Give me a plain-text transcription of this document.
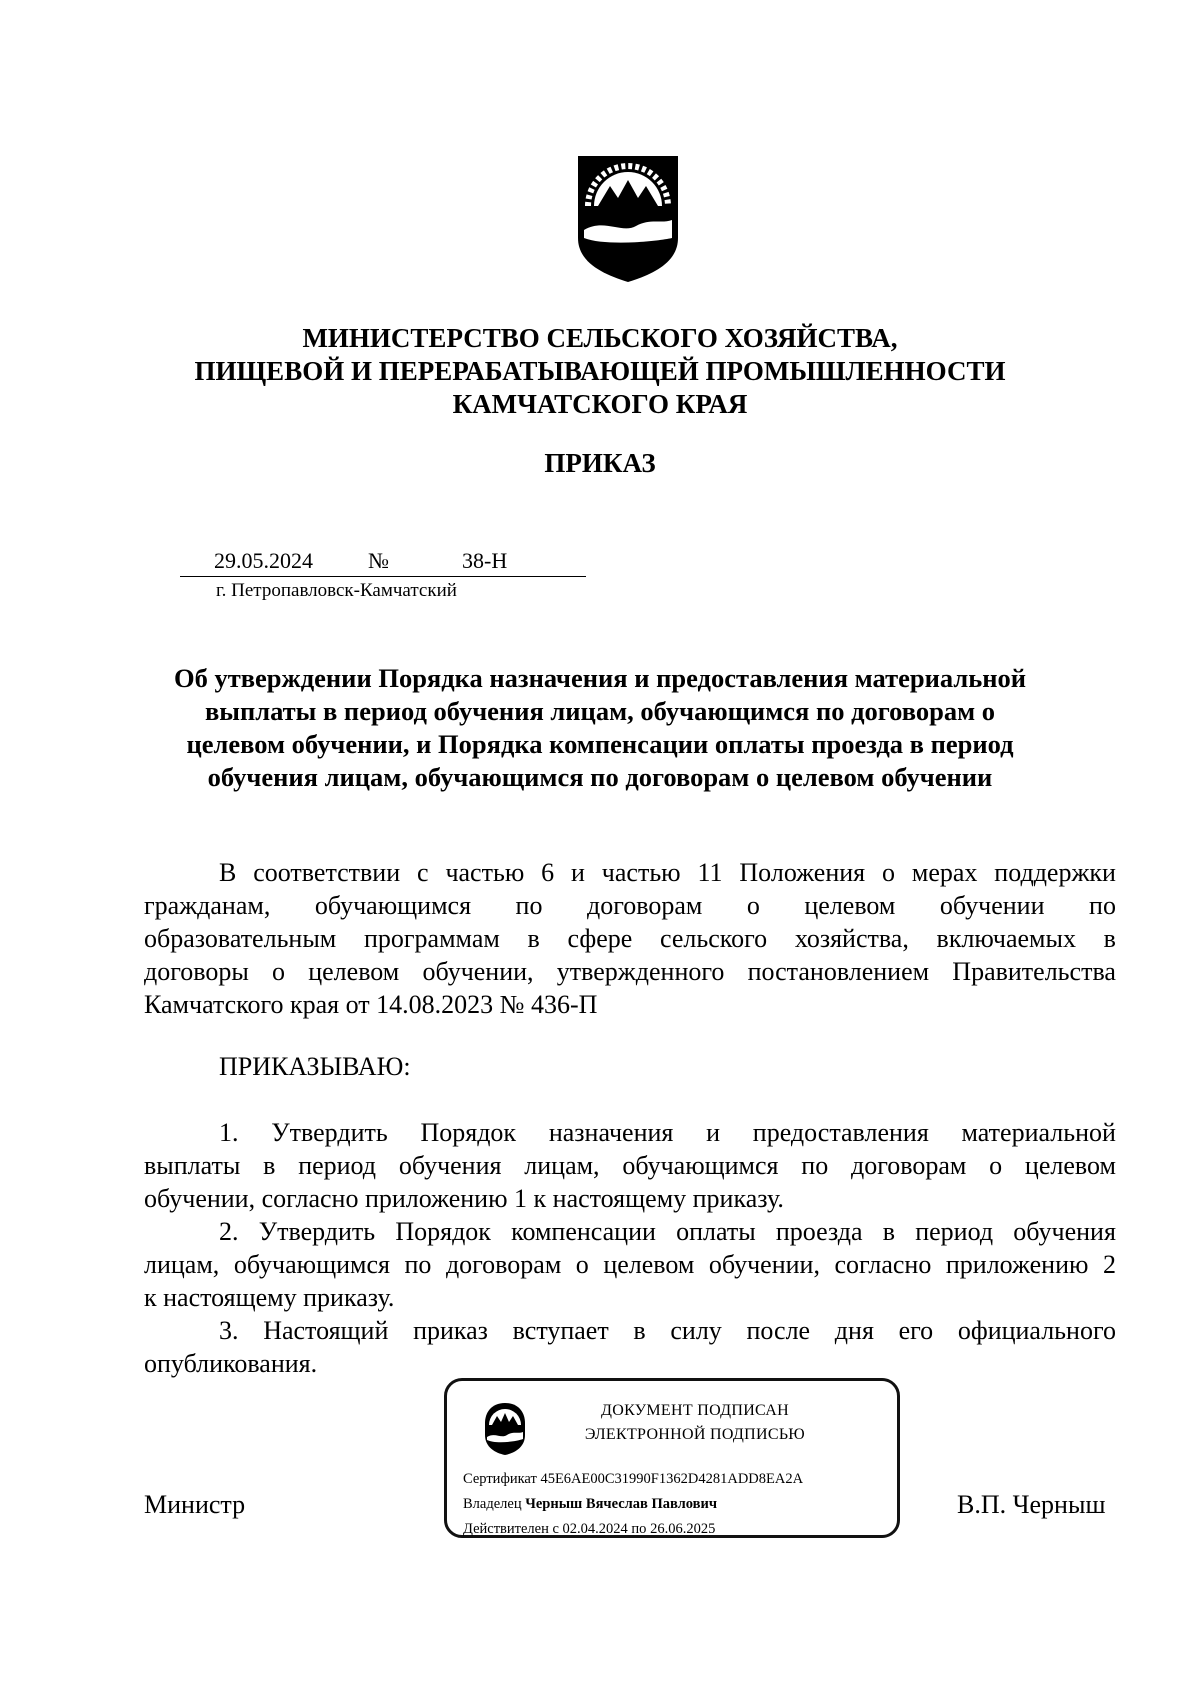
МИНИСТЕРСТВО СЕЛЬСКОГО ХОЗЯЙСТВА,
ПИЩЕВОЙ И ПЕРЕРАБАТЫВАЮЩЕЙ ПРОМЫШЛЕННОСТИ
КАМЧАТСКОГО КРАЯ
ПРИКАЗ
29.05.2024	№	38-Н
г. Петропавловск-Камчатский
Об утверждении Порядка назначения и предоставления материальной
выплаты в период обучения лицам, обучающимся по договорам о
целевом обучении, и Порядка компенсации оплаты проезда в период
обучения лицам, обучающимся по договорам о целевом обучении
В соответствии с частью 6 и частью 11 Положения о мерах поддержки
гражданам, обучающимся по договорам о целевом обучении по
образовательным программам в сфере сельского хозяйства, включаемых в
договоры о целевом обучении, утвержденного постановлением Правительства
Камчатского края от 14.08.2023 № 436-П
ПРИКАЗЫВАЮ:
1. Утвердить Порядок назначения и предоставления материальной
выплаты в период обучения лицам, обучающимся по договорам о целевом
обучении, согласно приложению 1 к настоящему приказу.
2. Утвердить Порядок компенсации оплаты проезда в период обучения
лицам, обучающимся по договорам о целевом обучении, согласно приложению 2
к настоящему приказу.
3. Настоящий приказ вступает в силу после дня его официального
опубликования.
Министр	В.П. Черныш
ДОКУМЕНТ ПОДПИСАН
ЭЛЕКТРОННОЙ ПОДПИСЬЮ
Сертификат 45E6AE00C31990F1362D4281ADD8EA2A
Владелец Черныш Вячеслав Павлович
Действителен с 02.04.2024 по 26.06.2025
